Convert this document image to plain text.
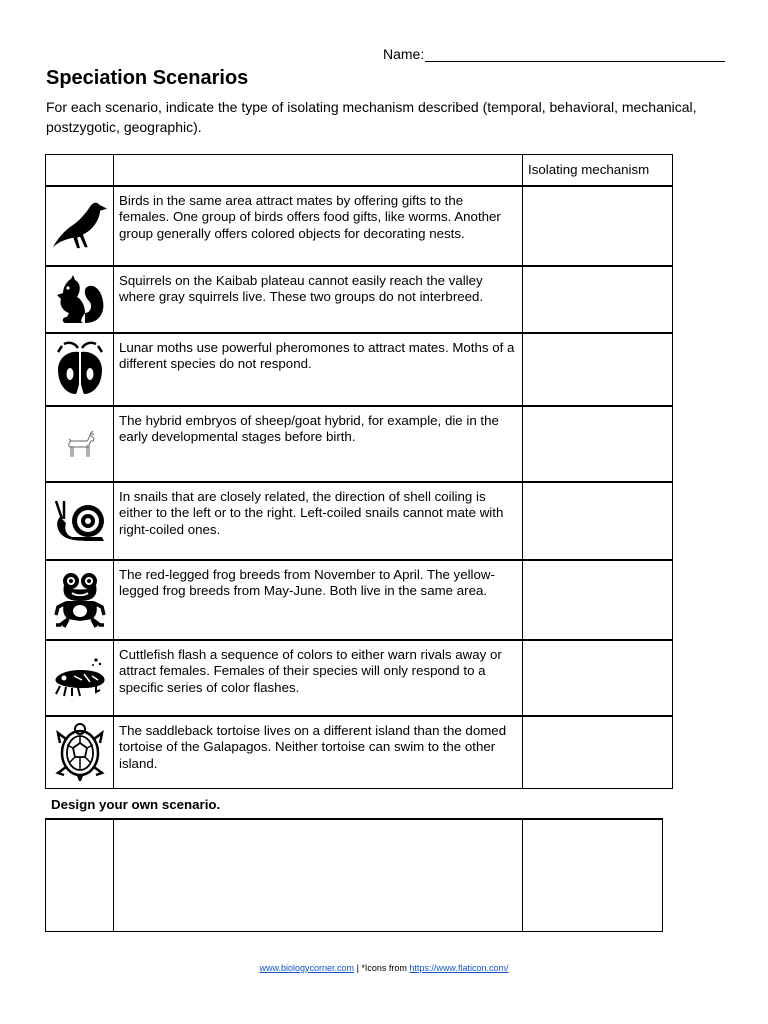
Name:
Speciation Scenarios

For each scenario, indicate the type of isolating mechanism described (temporal, behavioral, mechanical, postzygotic, geographic).

		Isolating mechanism

	Birds in the same area attract mates by offering gifts to the females. One group of birds offers food gifts, like worms. Another group generally offers colored objects for decorating nests.	

	Squirrels on the Kaibab plateau cannot easily reach the valley where gray squirrels live. These two groups do not interbreed.	

	Lunar moths use powerful pheromones to attract mates. Moths of a different species do not respond.	

	The hybrid embryos of sheep/goat hybrid, for example, die in the early developmental stages before birth.	

	In snails that are closely related, the direction of shell coiling is either to the left or to the right. Left-coiled snails cannot mate with right-coiled ones.	

	The red-legged frog breeds from November to April. The yellow-legged frog breeds from May-June. Both live in the same area.	

	Cuttlefish flash a sequence of colors to either warn rivals away or attract females. Females of their species will only respond to a specific series of color flashes.	

	The saddleback tortoise lives on a different island than the domed tortoise of the Galapagos. Neither tortoise can swim to the other island.	

Design your own scenario.

www.biologycorner.com | *Icons from https://www.flaticon.com/
